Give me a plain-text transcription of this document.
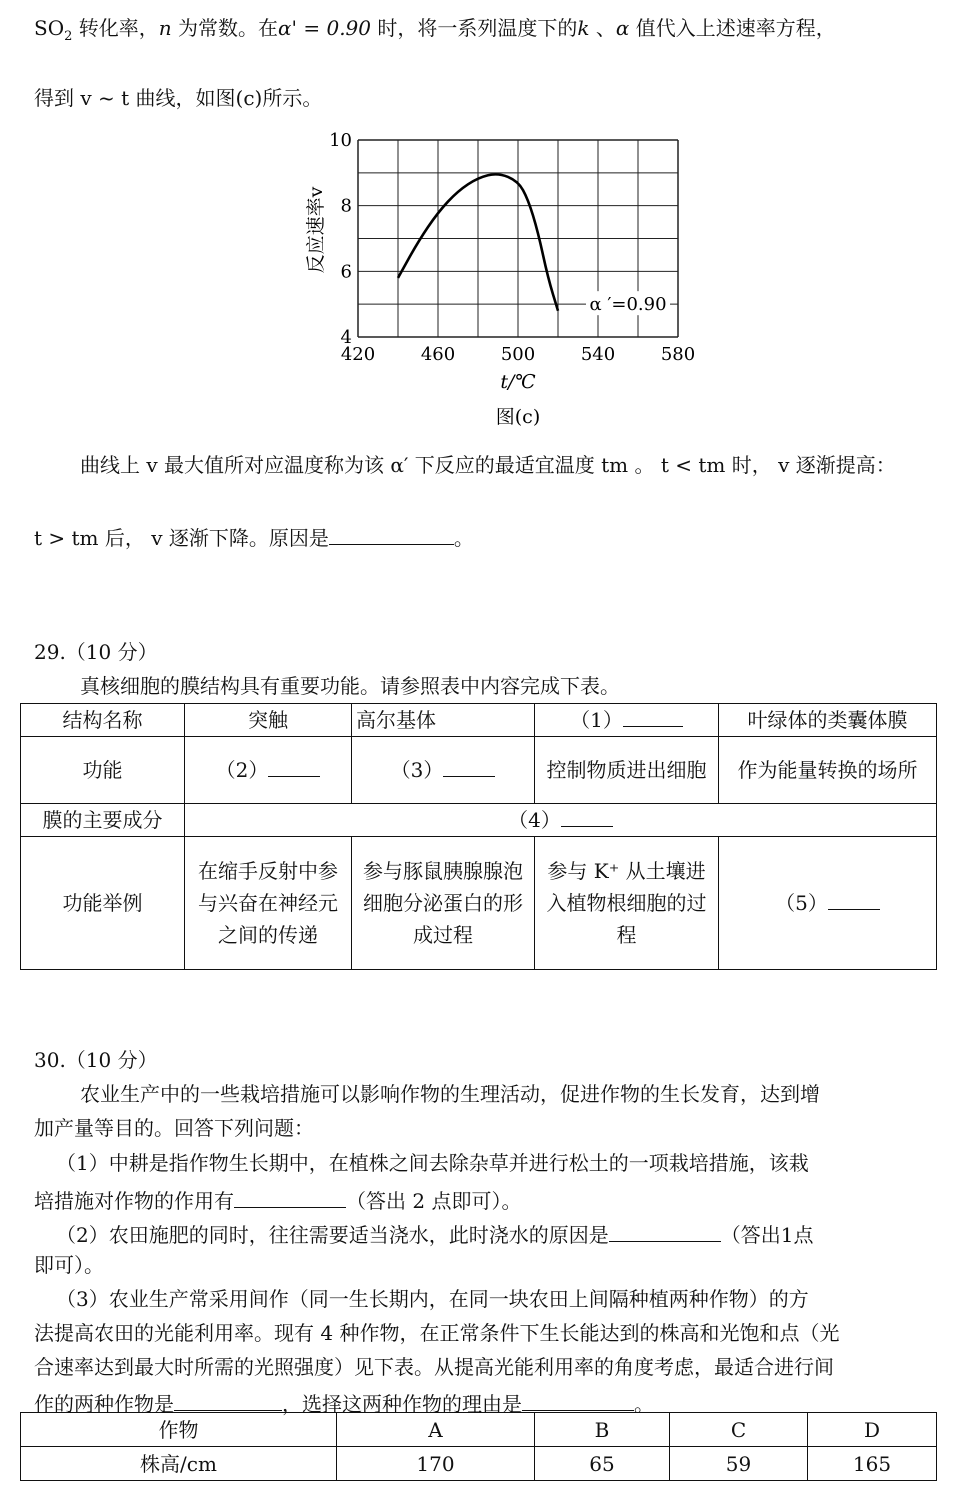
$SO_2$ 转化率，n 为常数。在α' = 0.90 时，将一系列温度下的k 、α 值代入上述速率方程，
得到 v ~ t 曲线，如图(c)所示。
420	460	500	540	580
10
8
6
4
α ′=0.90
t/℃
反应速率v
图(c)
曲线上 v 最大值所对应温度称为该 α′ 下反应的最适宜温度 tm 。 t < tm 时， v 逐渐提高：
t > tm 后， v 逐渐下降。原因是	。
29.（10 分）
真核细胞的膜结构具有重要功能。请参照表中内容完成下表。
结构名称	突触	高尔基体	（1）	叶绿体的类囊体膜
功能	（2）	（3）	控制物质进出细胞	作为能量转换的场所
膜的主要成分	（4）			
功能举例	在缩手反射中参与兴奋在神经元之间的传递	参与豚鼠胰腺腺泡细胞分泌蛋白的形成过程	参与 K⁺ 从土壤进入植物根细胞的过程	（5）
30.（10 分）
农业生产中的一些栽培措施可以影响作物的生理活动，促进作物的生长发育，达到增
加产量等目的。回答下列问题：
（1）中耕是指作物生长期中，在植株之间去除杂草并进行松土的一项栽培措施，该栽
培措施对作物的作用有	（答出 2 点即可）。
（2）农田施肥的同时，往往需要适当浇水，此时浇水的原因是	（答出1点
即可）。
（3）农业生产常采用间作（同一生长期内，在同一块农田上间隔种植两种作物）的方
法提高农田的光能利用率。现有 4 种作物，在正常条件下生长能达到的株高和光饱和点（光
合速率达到最大时所需的光照强度）见下表。从提高光能利用率的角度考虑，最适合进行间
作的两种作物是	，选择这两种作物的理由是	。
作物	A	B	C	D
株高/cm	170	65	59	165
